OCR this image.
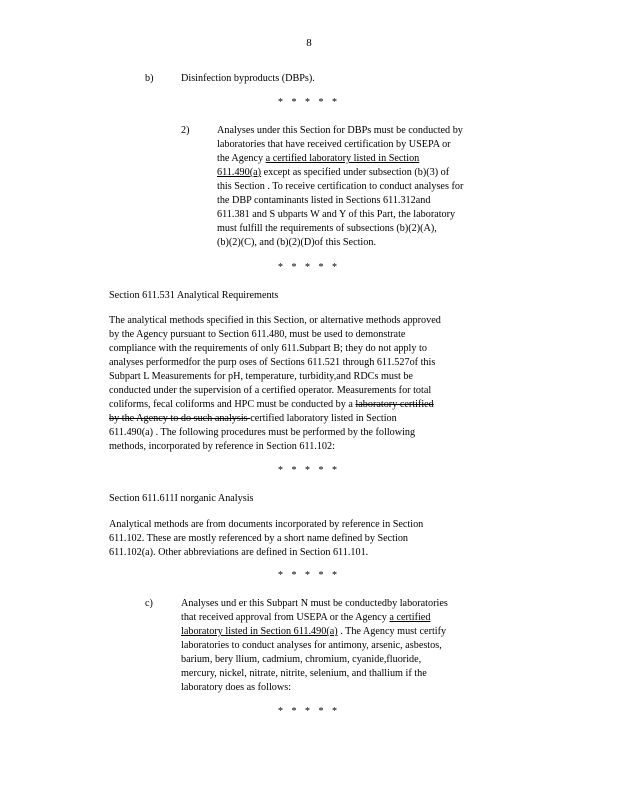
8
b)	Disinfection byproducts (DBPs).
* * * * *
2)	Analyses under this Section for DBPs must be conducted by
laboratories that have received certification by USEPA or
the Agency a certified laboratory listed in Section
611.490(a) except as specified under subsection (b)(3) of
this Section . To receive certification to conduct analyses for
the DBP contaminants listed in Sections 611.312and
611.381 and S ubparts W and Y of this Part, the laboratory
must fulfill the requirements of subsections (b)(2)(A),
(b)(2)(C), and (b)(2)(D)of this Section.
* * * * *
Section 611.531 Analytical Requirements
The analytical methods specified in this Section, or alternative methods approved
by the Agency pursuant to Section 611.480, must be used to demonstrate
compliance with the requirements of only 611.Subpart B; they do not apply to
analyses performedfor the purp oses of Sections 611.521 through 611.527of this
Subpart L Measurements for pH, temperature, turbidity,and RDCs must be
conducted under the supervision of a certified operator. Measurements for total
coliforms, fecal coliforms and HPC must be conducted by a laboratory certified
by the Agency to do such analysis certified laboratory listed in Section
611.490(a) . The following procedures must be performed by the following
methods, incorporated by reference in Section 611.102:
* * * * *
Section 611.611I norganic Analysis
Analytical methods are from documents incorporated by reference in Section
611.102. These are mostly referenced by a short name defined by Section
611.102(a). Other abbreviations are defined in Section 611.101.
* * * * *
c)	Analyses und er this Subpart N must be conductedby laboratories
that received approval from USEPA or the Agency a certified
laboratory listed in Section 611.490(a) . The Agency must certify
laboratories to conduct analyses for antimony, arsenic, asbestos,
barium, bery llium, cadmium, chromium, cyanide,fluoride,
mercury, nickel, nitrate, nitrite, selenium, and thallium if the
laboratory does as follows:
* * * * *
